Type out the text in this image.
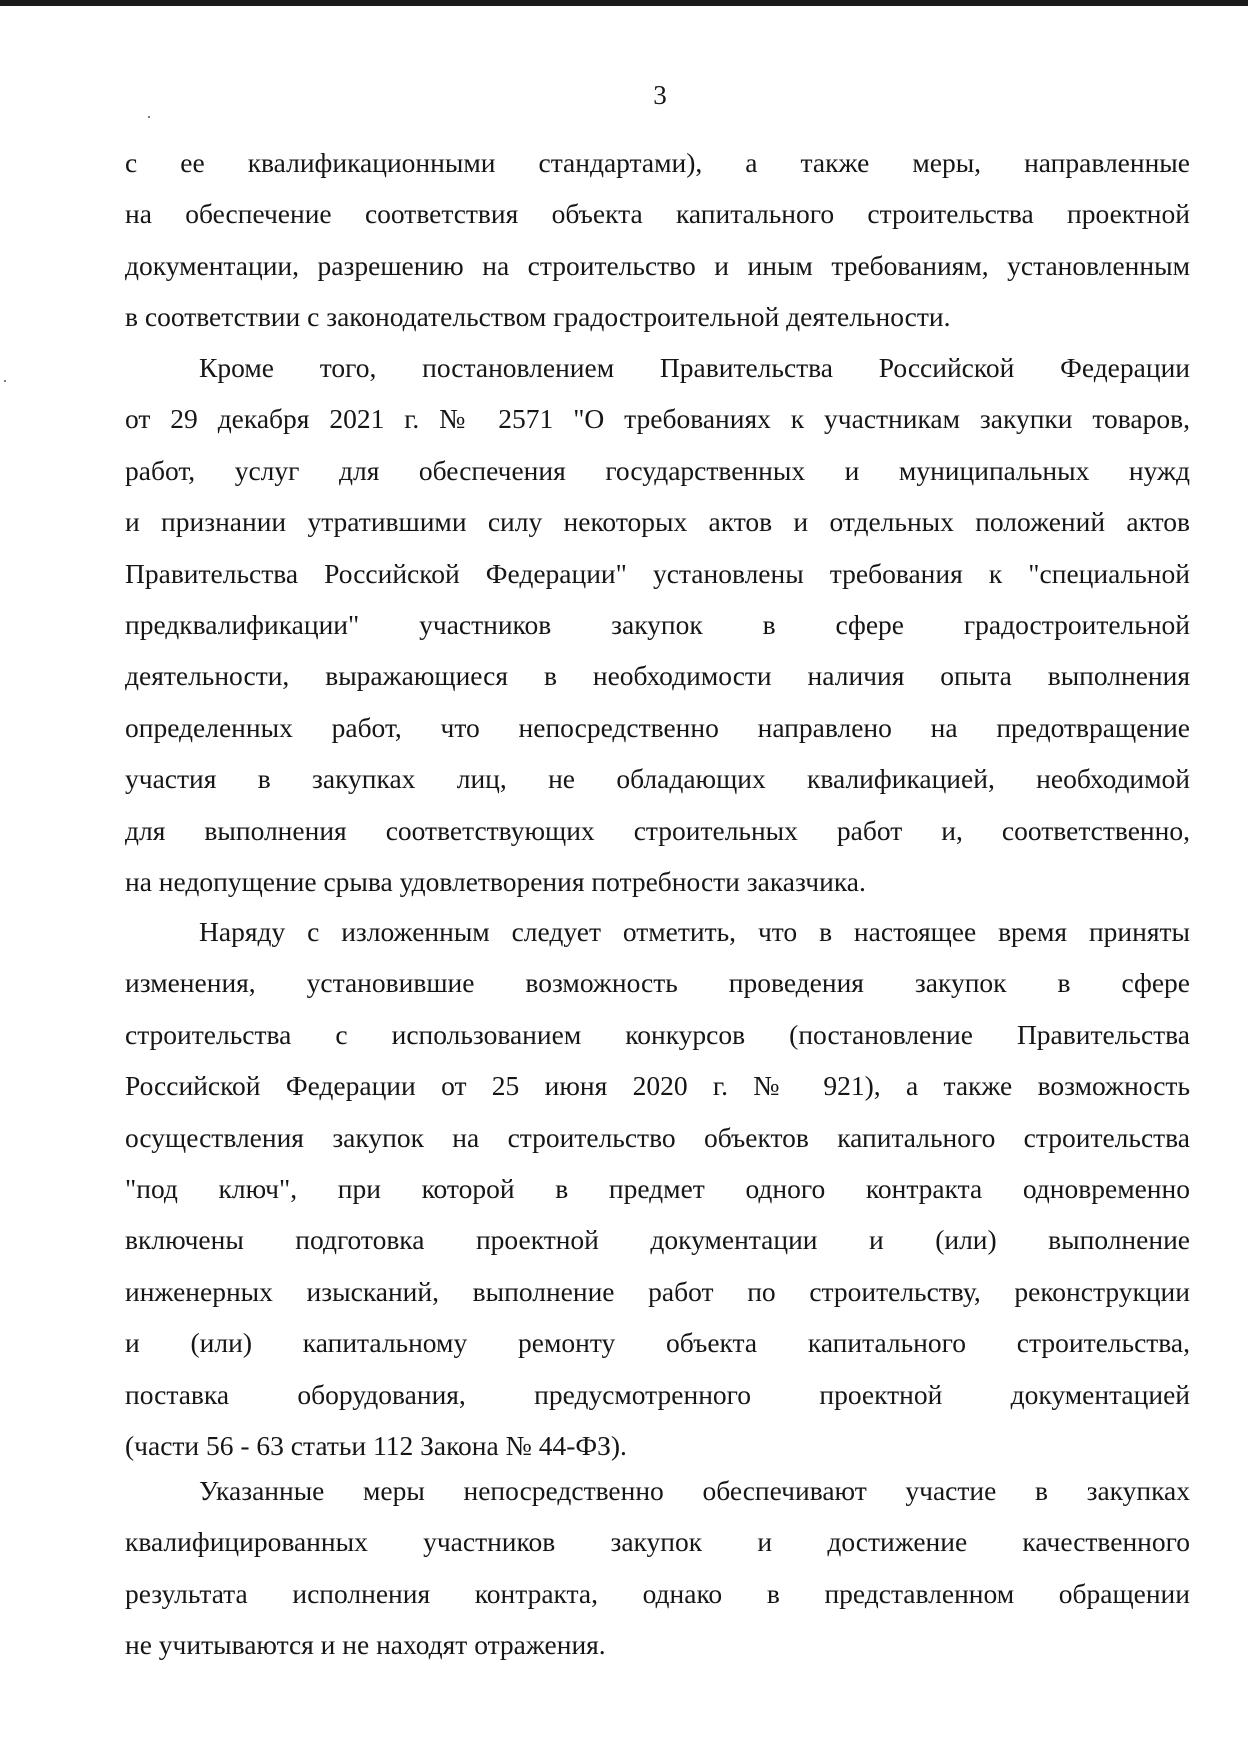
3
с ее квалификационными стандартами), а также меры, направленные
на обеспечение соответствия объекта капитального строительства проектной
документации, разрешению на строительство и иным требованиям, установленным
в соответствии с законодательством градостроительной деятельности.
Кроме того, постановлением Правительства Российской Федерации
от 29 декабря 2021 г. № 2571 "О требованиях к участникам закупки товаров,
работ, услуг для обеспечения государственных и муниципальных нужд
и признании утратившими силу некоторых актов и отдельных положений актов
Правительства Российской Федерации" установлены требования к "специальной
предквалификации" участников закупок в сфере градостроительной
деятельности, выражающиеся в необходимости наличия опыта выполнения
определенных работ, что непосредственно направлено на предотвращение
участия в закупках лиц, не обладающих квалификацией, необходимой
для выполнения соответствующих строительных работ и, соответственно,
на недопущение срыва удовлетворения потребности заказчика.
Наряду с изложенным следует отметить, что в настоящее время приняты
изменения, установившие возможность проведения закупок в сфере
строительства с использованием конкурсов (постановление Правительства
Российской Федерации от 25 июня 2020 г. № 921), а также возможность
осуществления закупок на строительство объектов капитального строительства
"под ключ", при которой в предмет одного контракта одновременно
включены подготовка проектной документации и (или) выполнение
инженерных изысканий, выполнение работ по строительству, реконструкции
и (или) капитальному ремонту объекта капитального строительства,
поставка оборудования, предусмотренного проектной документацией
(части 56 - 63 статьи 112 Закона № 44-ФЗ).
Указанные меры непосредственно обеспечивают участие в закупках
квалифицированных участников закупок и достижение качественного
результата исполнения контракта, однако в представленном обращении
не учитываются и не находят отражения.
